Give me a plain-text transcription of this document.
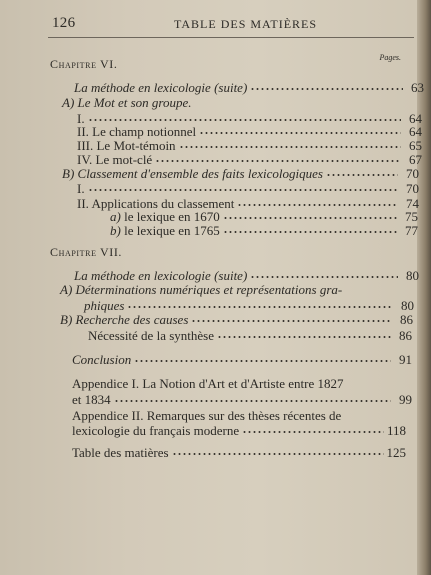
126	TABLE DES MATIÈRES
Pages.
Chapitre VI.
La méthode en lexicologie (suite)	63
A) Le Mot et son groupe.
I.	64
II. Le champ notionnel	64
III. Le Mot-témoin	65
IV. Le mot-clé	67
B) Classement d'ensemble des faits lexicologiques	70
I.	70
II. Applications du classement	74
a) le lexique en 1670	75
b) le lexique en 1765	77
Chapitre VII.
La méthode en lexicologie (suite)	80
A) Déterminations numériques et représentations gra-
phiques	80
B) Recherche des causes	86
Nécessité de la synthèse	86
Conclusion	91
Appendice I. La Notion d'Art et d'Artiste entre 1827
et 1834	99
Appendice II. Remarques sur des thèses récentes de
lexicologie du français moderne	118
Table des matières	125
